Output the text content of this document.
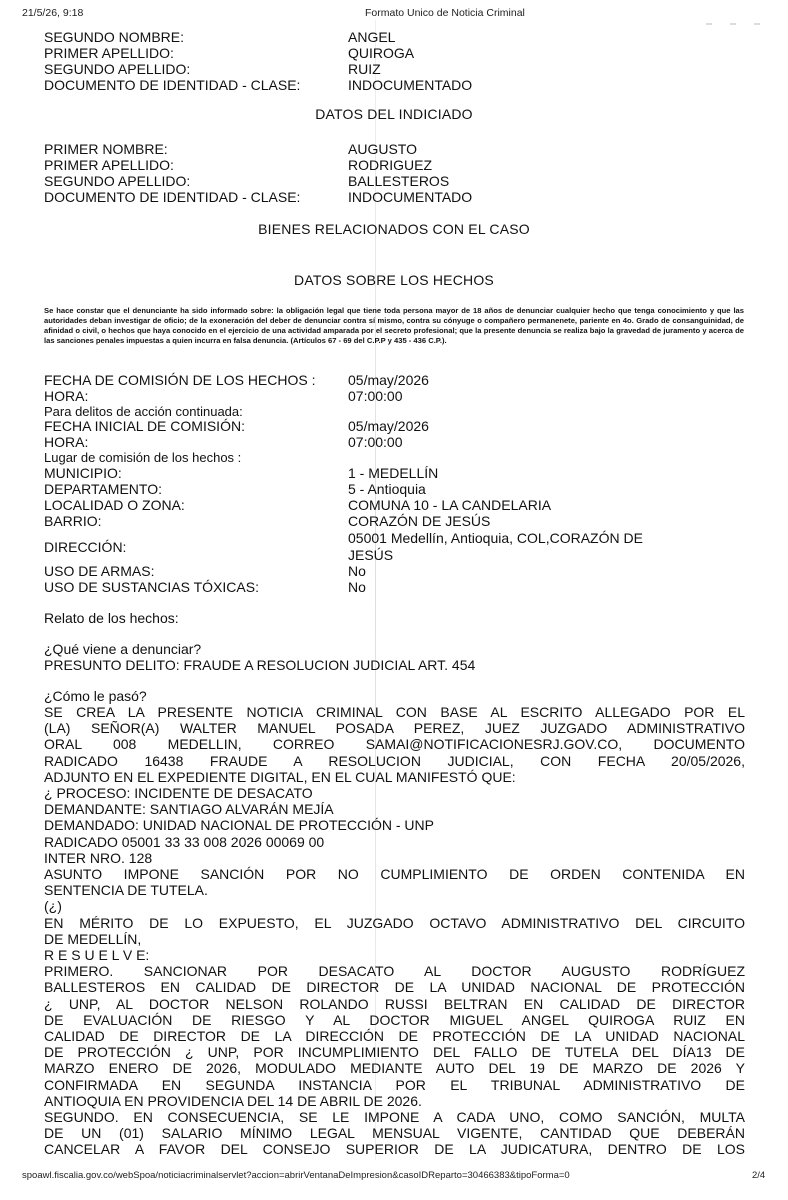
21/5/26, 9:18	Formato Unico de Noticia Criminal
SEGUNDO NOMBRE:	ANGEL
PRIMER APELLIDO:	QUIROGA
SEGUNDO APELLIDO:	RUIZ
DOCUMENTO DE IDENTIDAD - CLASE:	INDOCUMENTADO
DATOS DEL INDICIADO
PRIMER NOMBRE:	AUGUSTO
PRIMER APELLIDO:	RODRIGUEZ
SEGUNDO APELLIDO:	BALLESTEROS
DOCUMENTO DE IDENTIDAD - CLASE:	INDOCUMENTADO
BIENES RELACIONADOS CON EL CASO
DATOS SOBRE LOS HECHOS
Se hace constar que el denunciante ha sido informado sobre: la obligación legal que tiene toda persona mayor de 18 años de denunciar cualquier hecho que tenga conocimiento y que las autoridades deban investigar de oficio; de la exoneración del deber de denunciar contra sí mismo, contra su cónyuge o compañero permanenete, pariente en 4o. Grado de consanguinidad, de afinidad o civil, o hechos que haya conocido en el ejercicio de una actividad amparada por el secreto profesional; que la presente denuncia se realiza bajo la gravedad de juramento y acerca de las sanciones penales impuestas a quien incurra en falsa denuncia. (Artículos 67 - 69 del C.P.P y 435 - 436 C.P.).
FECHA DE COMISIÓN DE LOS HECHOS : 05/may/2026
HORA:	07:00:00
Para delitos de acción continuada:
FECHA INICIAL DE COMISIÓN:	05/may/2026
HORA:	07:00:00
Lugar de comisión de los hechos :
MUNICIPIO:	1 - MEDELLÍN
DEPARTAMENTO:	5 - Antioquia
LOCALIDAD O ZONA:	COMUNA 10 - LA CANDELARIA
BARRIO:	CORAZÓN DE JESÚS
DIRECCIÓN:
05001 Medellín, Antioquia, COL,CORAZÓN DE JESÚS
USO DE ARMAS:	No
USO DE SUSTANCIAS TÓXICAS:	No
Relato de los hechos:
¿Qué viene a denunciar?
PRESUNTO DELITO: FRAUDE A RESOLUCION JUDICIAL ART. 454
¿Cómo le pasó?
SE CREA LA PRESENTE NOTICIA CRIMINAL CON BASE AL ESCRITO ALLEGADO POR EL
(LA) SEÑOR(A) WALTER MANUEL POSADA PEREZ, JUEZ JUZGADO ADMINISTRATIVO
ORAL 008 MEDELLIN, CORREO SAMAI@NOTIFICACIONESRJ.GOV.CO, DOCUMENTO
RADICADO 16438 FRAUDE A RESOLUCION JUDICIAL, CON FECHA 20/05/2026,
ADJUNTO EN EL EXPEDIENTE DIGITAL, EN EL CUAL MANIFESTÓ QUE:
¿ PROCESO: INCIDENTE DE DESACATO
DEMANDANTE: SANTIAGO ALVARÁN MEJÍA
DEMANDADO: UNIDAD NACIONAL DE PROTECCIÓN - UNP
RADICADO 05001 33 33 008 2026 00069 00
INTER NRO. 128
ASUNTO IMPONE SANCIÓN POR NO CUMPLIMIENTO DE ORDEN CONTENIDA EN
SENTENCIA DE TUTELA.
(¿)
EN MÉRITO DE LO EXPUESTO, EL JUZGADO OCTAVO ADMINISTRATIVO DEL CIRCUITO
DE MEDELLÍN,
R E S U E L V E:
PRIMERO. SANCIONAR POR DESACATO AL DOCTOR AUGUSTO RODRÍGUEZ
BALLESTEROS EN CALIDAD DE DIRECTOR DE LA UNIDAD NACIONAL DE PROTECCIÓN
¿ UNP, AL DOCTOR NELSON ROLANDO RUSSI BELTRAN EN CALIDAD DE DIRECTOR
DE EVALUACIÓN DE RIESGO Y AL DOCTOR MIGUEL ANGEL QUIROGA RUIZ EN
CALIDAD DE DIRECTOR DE LA DIRECCIÓN DE PROTECCIÓN DE LA UNIDAD NACIONAL
DE PROTECCIÓN ¿ UNP, POR INCUMPLIMIENTO DEL FALLO DE TUTELA DEL DÍA13 DE
MARZO ENERO DE 2026, MODULADO MEDIANTE AUTO DEL 19 DE MARZO DE 2026 Y
CONFIRMADA EN SEGUNDA INSTANCIA POR EL TRIBUNAL ADMINISTRATIVO DE
ANTIOQUIA EN PROVIDENCIA DEL 14 DE ABRIL DE 2026.
SEGUNDO. EN CONSECUENCIA, SE LE IMPONE A CADA UNO, COMO SANCIÓN, MULTA
DE UN (01) SALARIO MÍNIMO LEGAL MENSUAL VIGENTE, CANTIDAD QUE DEBERÁN
CANCELAR A FAVOR DEL CONSEJO SUPERIOR DE LA JUDICATURA, DENTRO DE LOS
spoawl.fiscalia.gov.co/webSpoa/noticiacriminalservlet?accion=abrirVentanaDeImpresion&casoIDReparto=30466383&tipoForma=0	2/4
